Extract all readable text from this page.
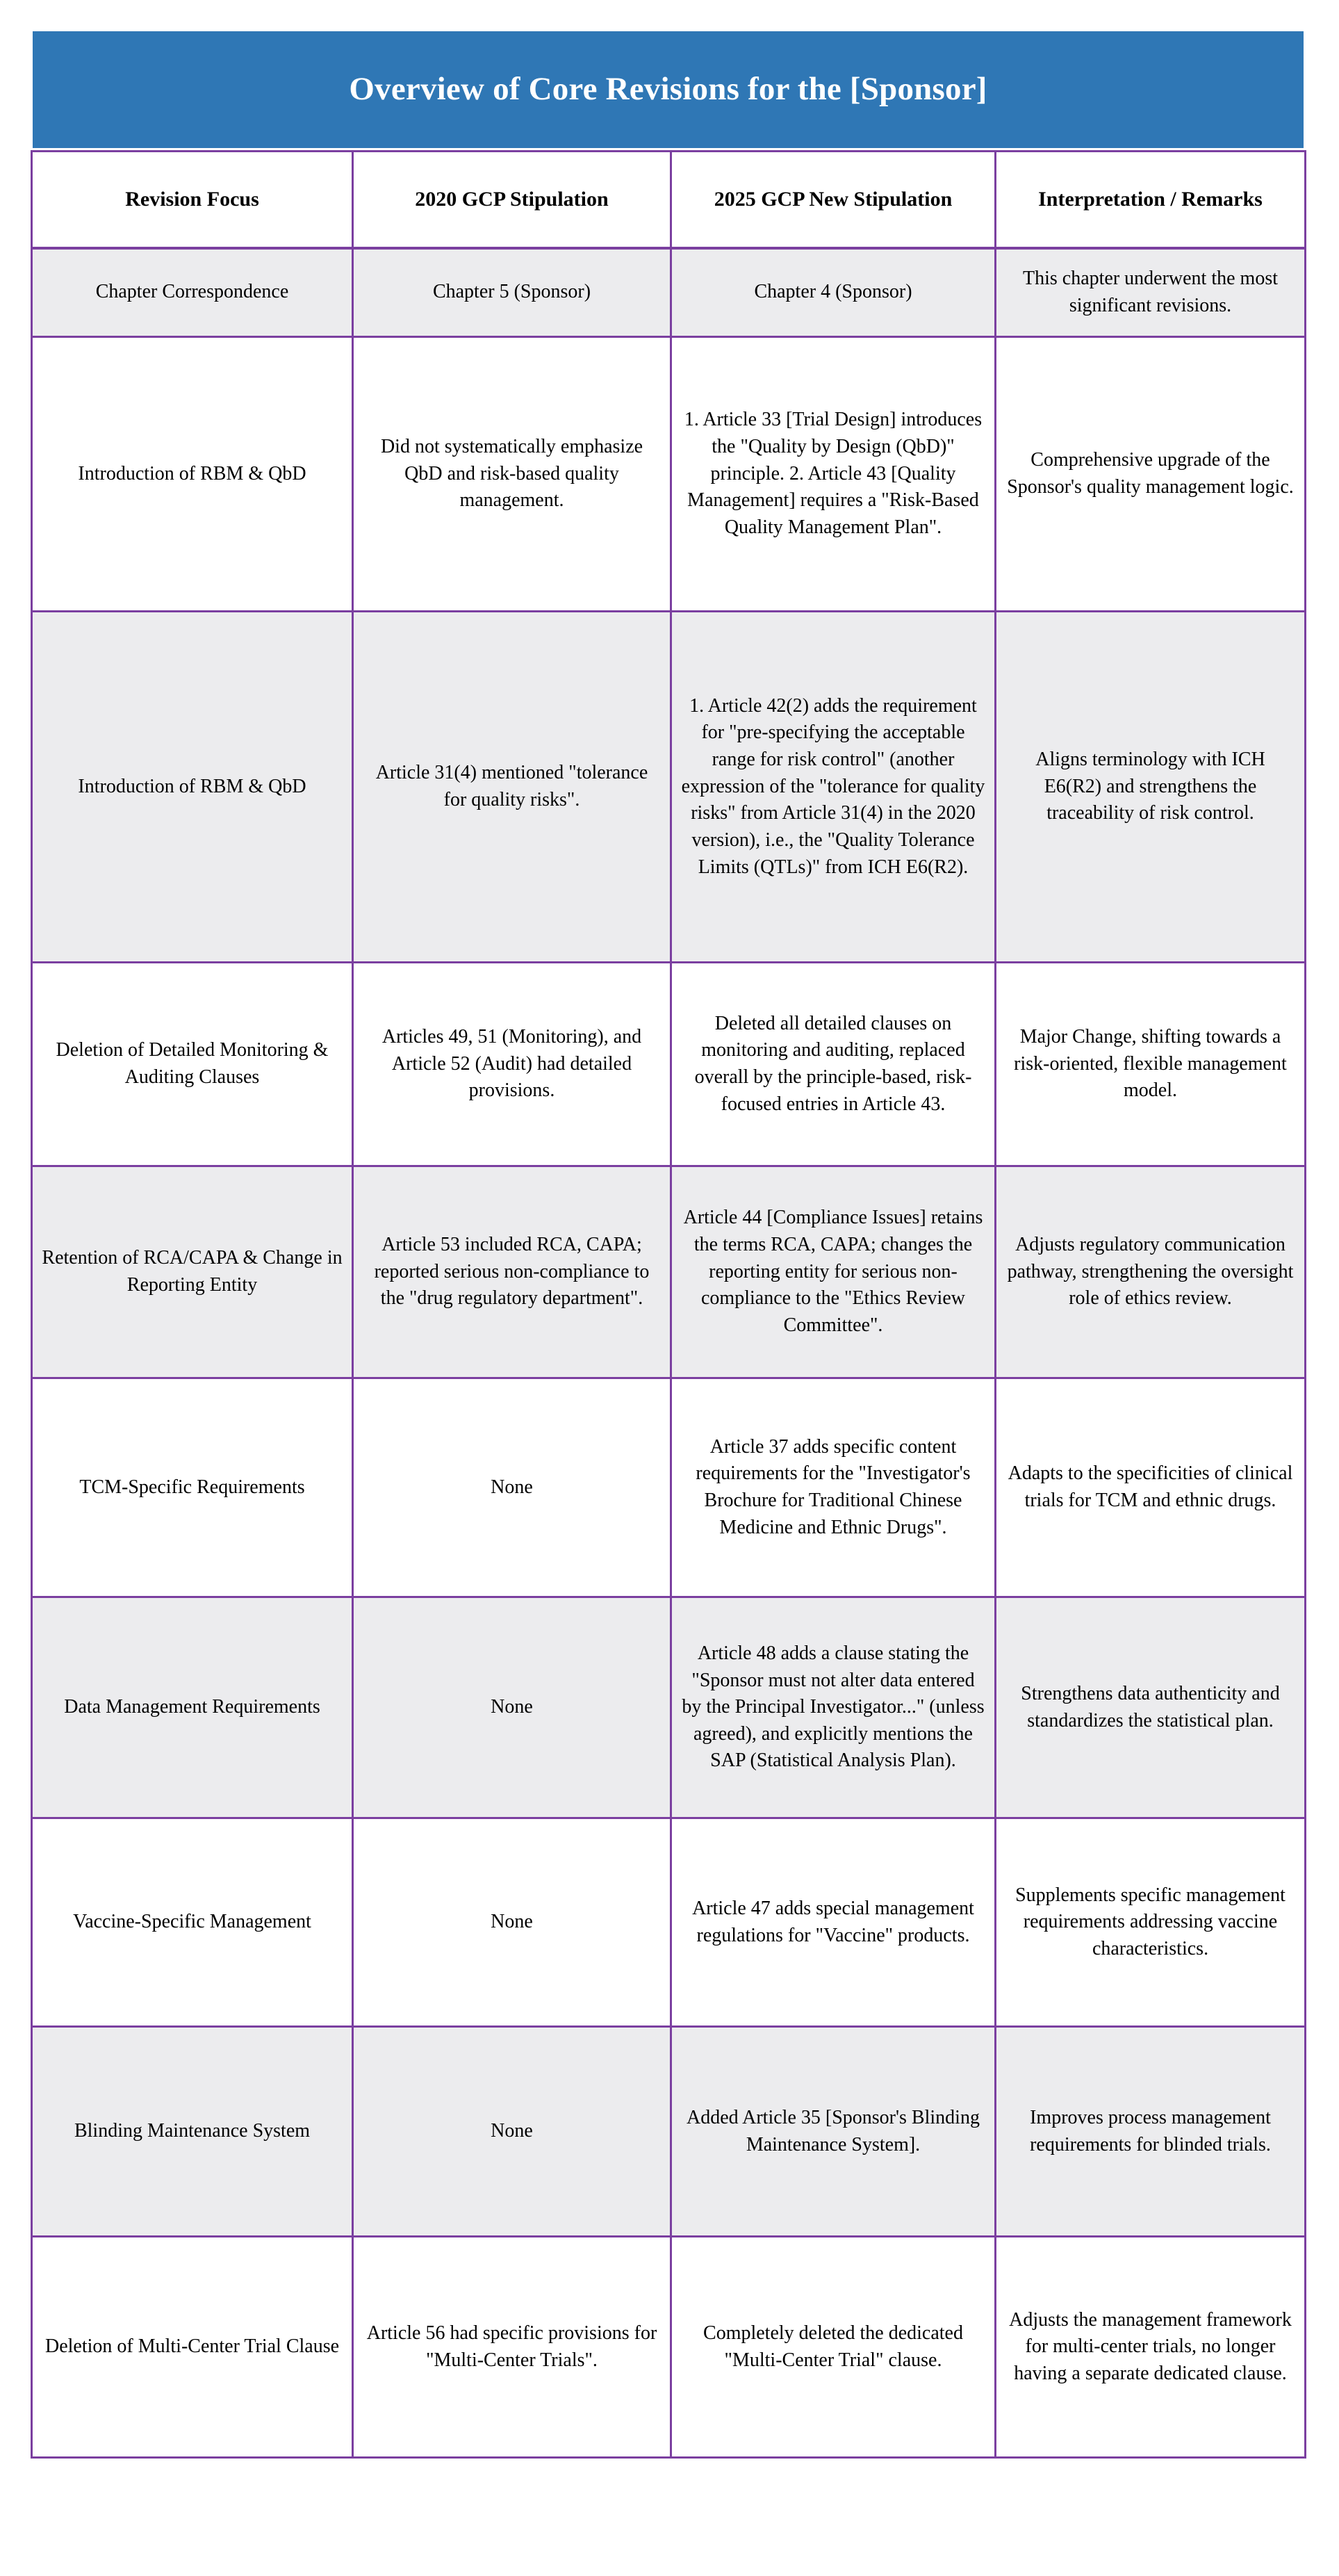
Overview of Core Revisions for the [Sponsor]
Revision Focus	2020 GCP Stipulation	2025 GCP New Stipulation	Interpretation / Remarks
Chapter Correspondence	Chapter 5 (Sponsor)	Chapter 4 (Sponsor)	This chapter underwent the most significant revisions.
Introduction of RBM & QbD	Did not systematically emphasize QbD and risk-based quality management.	1. Article 33 [Trial Design] introduces the "Quality by Design (QbD)" principle. 2. Article 43 [Quality Management] requires a "Risk-Based Quality Management Plan".	Comprehensive upgrade of the Sponsor's quality management logic.
Introduction of RBM & QbD	Article 31(4) mentioned "tolerance for quality risks".	1. Article 42(2) adds the requirement for "pre-specifying the acceptable range for risk control" (another expression of the "tolerance for quality risks" from Article 31(4) in the 2020 version), i.e., the "Quality Tolerance Limits (QTLs)" from ICH E6(R2).	Aligns terminology with ICH E6(R2) and strengthens the traceability of risk control.
Deletion of Detailed Monitoring & Auditing Clauses	Articles 49, 51 (Monitoring), and Article 52 (Audit) had detailed provisions.	Deleted all detailed clauses on monitoring and auditing, replaced overall by the principle-based, risk-focused entries in Article 43.	Major Change, shifting towards a risk-oriented, flexible management model.
Retention of RCA/CAPA & Change in Reporting Entity	Article 53 included RCA, CAPA; reported serious non-compliance to the "drug regulatory department".	Article 44 [Compliance Issues] retains the terms RCA, CAPA; changes the reporting entity for serious non-compliance to the "Ethics Review Committee".	Adjusts regulatory communication pathway, strengthening the oversight role of ethics review.
TCM-Specific Requirements	None	Article 37 adds specific content requirements for the "Investigator's Brochure for Traditional Chinese Medicine and Ethnic Drugs".	Adapts to the specificities of clinical trials for TCM and ethnic drugs.
Data Management Requirements	None	Article 48 adds a clause stating the "Sponsor must not alter data entered by the Principal Investigator..." (unless agreed), and explicitly mentions the SAP (Statistical Analysis Plan).	Strengthens data authenticity and standardizes the statistical plan.
Vaccine-Specific Management	None	Article 47 adds special management regulations for "Vaccine" products.	Supplements specific management requirements addressing vaccine characteristics.
Blinding Maintenance System	None	Added Article 35 [Sponsor's Blinding Maintenance System].	Improves process management requirements for blinded trials.
Deletion of Multi-Center Trial Clause	Article 56 had specific provisions for "Multi-Center Trials".	Completely deleted the dedicated "Multi-Center Trial" clause.	Adjusts the management framework for multi-center trials, no longer having a separate dedicated clause.
